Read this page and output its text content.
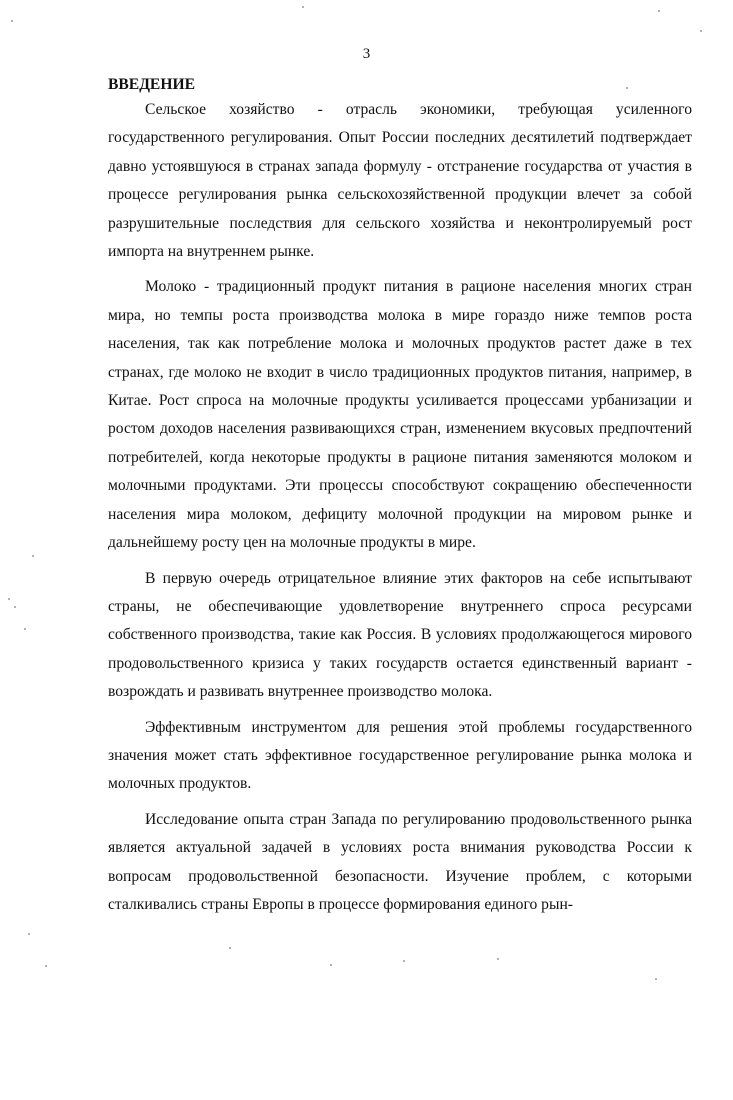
3
ВВЕДЕНИЕ

Сельское хозяйство - отрасль экономики, требующая усиленного государственного регулирования. Опыт России последних десятилетий подтверждает давно устоявшуюся в странах запада формулу - отстранение государства от участия в процессе регулирования рынка сельскохозяйственной продукции влечет за собой разрушительные последствия для сельского хозяйства и неконтролируемый рост импорта на внутреннем рынке.

Молоко - традиционный продукт питания в рационе населения многих стран мира, но темпы роста производства молока в мире гораздо ниже темпов роста населения, так как потребление молока и молочных продуктов растет даже в тех странах, где молоко не входит в число традиционных продуктов питания, например, в Китае. Рост спроса на молочные продукты усиливается процессами урбанизации и ростом доходов населения развивающихся стран, изменением вкусовых предпочтений потребителей, когда некоторые продукты в рационе питания заменяются молоком и молочными продуктами. Эти процессы способствуют сокращению обеспеченности населения мира молоком, дефициту молочной продукции на мировом рынке и дальнейшему росту цен на молочные продукты в мире.

В первую очередь отрицательное влияние этих факторов на себе испытывают страны, не обеспечивающие удовлетворение внутреннего спроса ресурсами собственного производства, такие как Россия. В условиях продолжающегося мирового продовольственного кризиса у таких государств остается единственный вариант - возрождать и развивать внутреннее производство молока.

Эффективным инструментом для решения этой проблемы государственного значения может стать эффективное государственное регулирование рынка молока и молочных продуктов.

Исследование опыта стран Запада по регулированию продовольственного рынка является актуальной задачей в условиях роста внимания руководства России к вопросам продовольственной безопасности. Изучение проблем, с которыми сталкивались страны Европы в процессе формирования единого рын-
